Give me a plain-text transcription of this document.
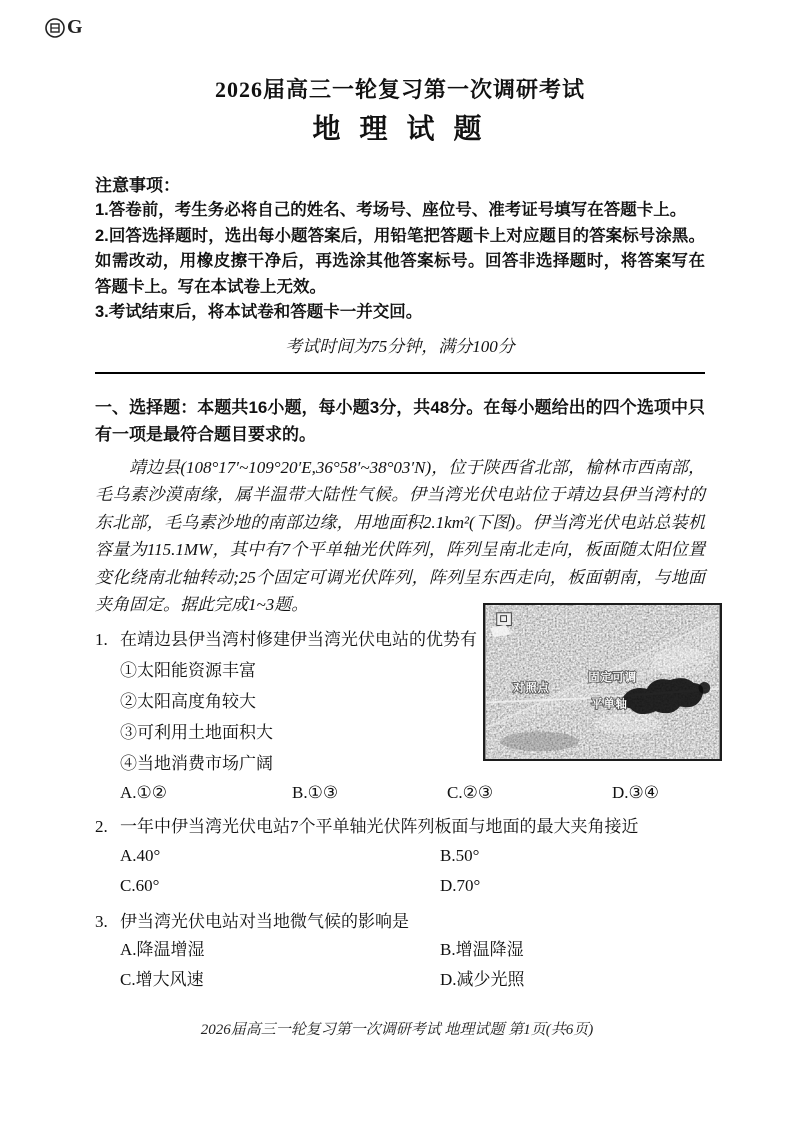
G
2026届高三一轮复习第一次调研考试
地 理 试 题
注意事项：
1.答卷前，考生务必将自己的姓名、考场号、座位号、准考证号填写在答题卡上。
2.回答选择题时，选出每小题答案后，用铅笔把答题卡上对应题目的答案标号涂黑。如需改动，用橡皮擦干净后，再选涂其他答案标号。回答非选择题时，将答案写在答题卡上。写在本试卷上无效。
3.考试结束后，将本试卷和答题卡一并交回。
考试时间为75分钟，满分100分
一、选择题：本题共16小题，每小题3分，共48分。在每小题给出的四个选项中只有一项是最符合题目要求的。
靖边县(108°17′~109°20′E,36°58′~38°03′N)，位于陕西省北部，榆林市西南部，毛乌素沙漠南缘，属半温带大陆性气候。伊当湾光伏电站位于靖边县伊当湾村的东北部，毛乌素沙地的南部边缘，用地面积2.1km²(下图)。伊当湾光伏电站总装机容量为115.1MW，其中有7个平单轴光伏阵列，阵列呈南北走向，板面随太阳位置变化绕南北轴转动;25个固定可调光伏阵列，阵列呈东西走向，板面朝南，与地面夹角固定。据此完成1~3题。
1. 在靖边县伊当湾村修建伊当湾光伏电站的优势有
①太阳能资源丰富
②太阳高度角较大
③可利用土地面积大
④当地消费市场广阔
A.①②	B.①③	C.②③	D.③④
2. 一年中伊当湾光伏电站7个平单轴光伏阵列板面与地面的最大夹角接近
A.40°	B.50°
C.60°	D.70°
3. 伊当湾光伏电站对当地微气候的影响是
A.降温增湿	B.增温降湿
C.增大风速	D.减少光照
对照点
固定可调
平单轴
2026届高三一轮复习第一次调研考试 地理试题 第1页(共6页)
